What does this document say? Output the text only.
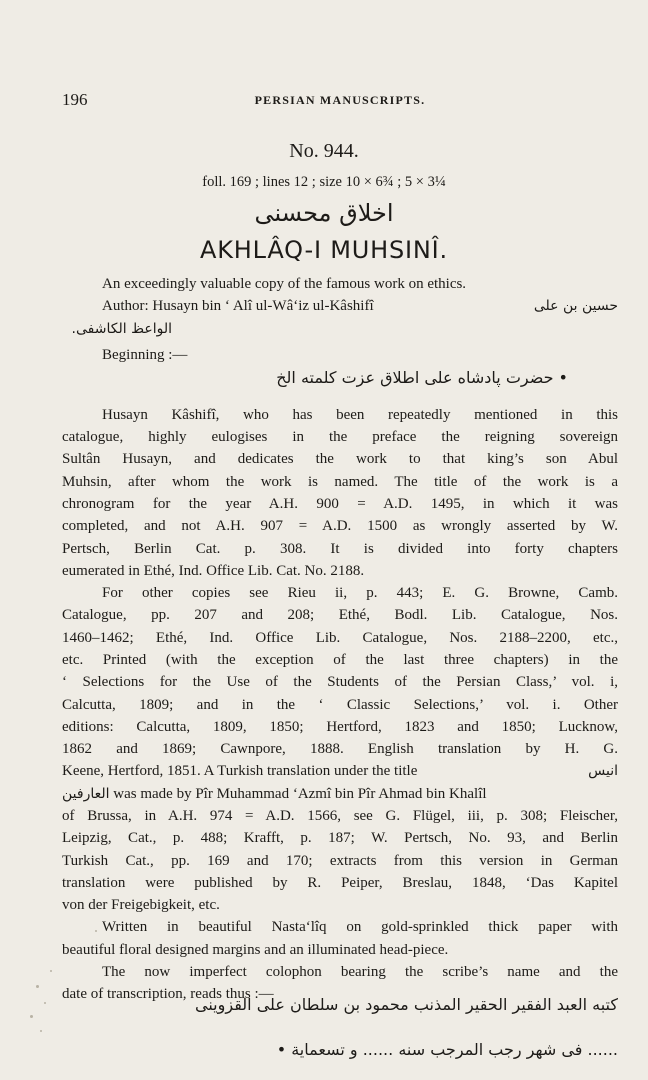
196	PERSIAN MANUSCRIPTS.
No. 944.
foll. 169 ; lines 12 ; size 10 × 6¾ ; 5 × 3¼
اخلاق محسنی
AKHLÂQ-I MUHSINÎ.
An exceedingly valuable copy of the famous work on ethics.
Author: Husayn bin ‘ Alî ul-Wâ‘iz ul-Kâshifî	حسین بن علی
الواعظ الکاشفی.
Beginning :—
• حضرت پادشاه علی اطلاق عزت کلمته الخ
Husayn Kâshifî, who has been repeatedly mentioned in this
catalogue, highly eulogises in the preface the reigning sovereign
Sultân Husayn, and dedicates the work to that king’s son Abul
Muhsin, after whom the work is named. The title of the work is a
chronogram for the year A.H. 900 = A.D. 1495, in which it was
completed, and not A.H. 907 = A.D. 1500 as wrongly asserted by W.
Pertsch, Berlin Cat. p. 308. It is divided into forty chapters
eumerated in Ethé, Ind. Office Lib. Cat. No. 2188.
For other copies see Rieu ii, p. 443; E. G. Browne, Camb.
Catalogue, pp. 207 and 208; Ethé, Bodl. Lib. Catalogue, Nos.
1460–1462; Ethé, Ind. Office Lib. Catalogue, Nos. 2188–2200, etc.,
etc. Printed (with the exception of the last three chapters) in the
‘ Selections for the Use of the Students of the Persian Class,’ vol. i,
Calcutta, 1809; and in the ‘ Classic Selections,’ vol. i. Other
editions: Calcutta, 1809, 1850; Hertford, 1823 and 1850; Lucknow,
1862 and 1869; Cawnpore, 1888. English translation by H. G.
Keene, Hertford, 1851. A Turkish translation under the title	انیس
العارفین was made by Pîr Muhammad ‘Azmî bin Pîr Ahmad bin Khalîl
of Brussa, in A.H. 974 = A.D. 1566, see G. Flügel, iii, p. 308; Fleischer,
Leipzig, Cat., p. 488; Krafft, p. 187; W. Pertsch, No. 93, and Berlin
Turkish Cat., pp. 169 and 170; extracts from this version in German
translation were published by R. Peiper, Breslau, 1848, ‘Das Kapitel
von der Freigebigkeit, etc.
Written in beautiful Nasta‘lîq on gold-sprinkled thick paper with
beautiful floral designed margins and an illuminated head-piece.
The now imperfect colophon bearing the scribe’s name and the
date of transcription, reads thus :—
کتبه العبد الفقیر الحقیر المذنب محمود بن سلطان علی القزوینی
...... فی شهر رجب المرجب سنه ...... و تسعمایة •
